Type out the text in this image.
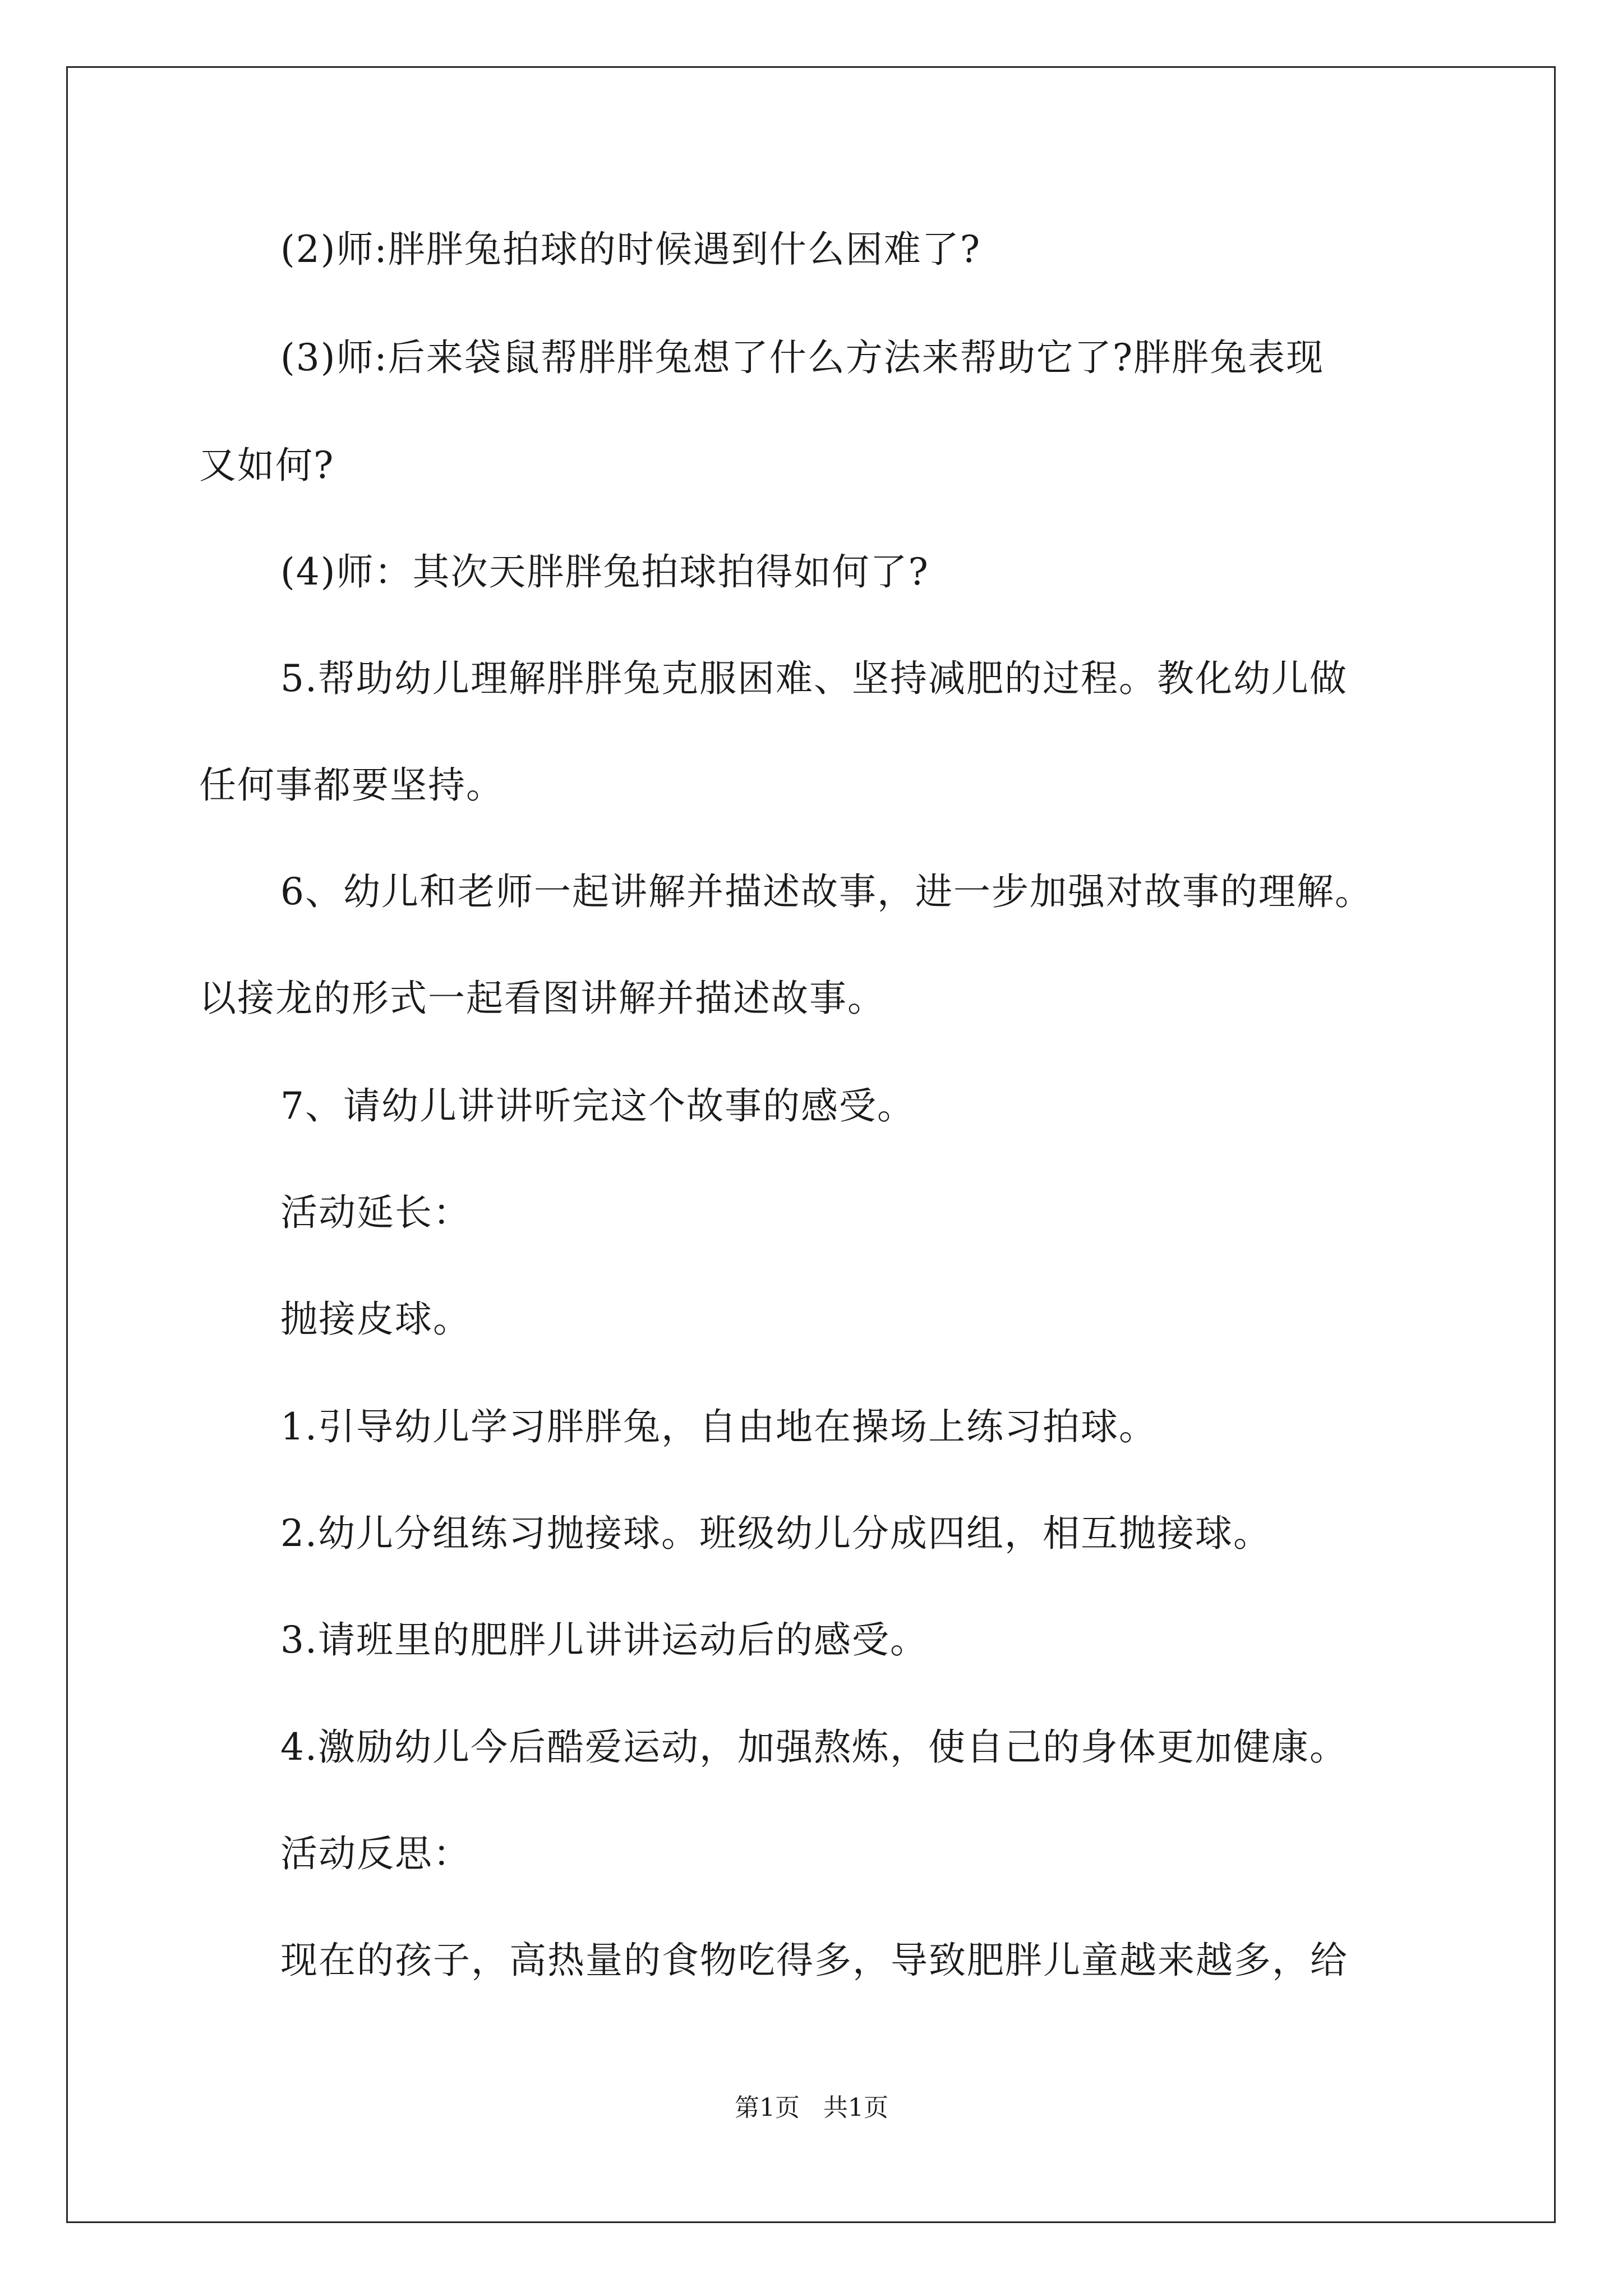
(2)师:胖胖兔拍球的时候遇到什么困难了?
(3)师:后来袋鼠帮胖胖兔想了什么方法来帮助它了?胖胖兔表现
又如何?
(4)师：其次天胖胖兔拍球拍得如何了?
5.帮助幼儿理解胖胖兔克服困难、坚持减肥的过程。教化幼儿做
任何事都要坚持。
6、幼儿和老师一起讲解并描述故事，进一步加强对故事的理解。
以接龙的形式一起看图讲解并描述故事。
7、请幼儿讲讲听完这个故事的感受。
活动延长：
抛接皮球。
1.引导幼儿学习胖胖兔，自由地在操场上练习拍球。
2.幼儿分组练习抛接球。班级幼儿分成四组，相互抛接球。
3.请班里的肥胖儿讲讲运动后的感受。
4.激励幼儿今后酷爱运动，加强熬炼，使自己的身体更加健康。
活动反思：
现在的孩子，高热量的食物吃得多，导致肥胖儿童越来越多，给
第1页   共1页
